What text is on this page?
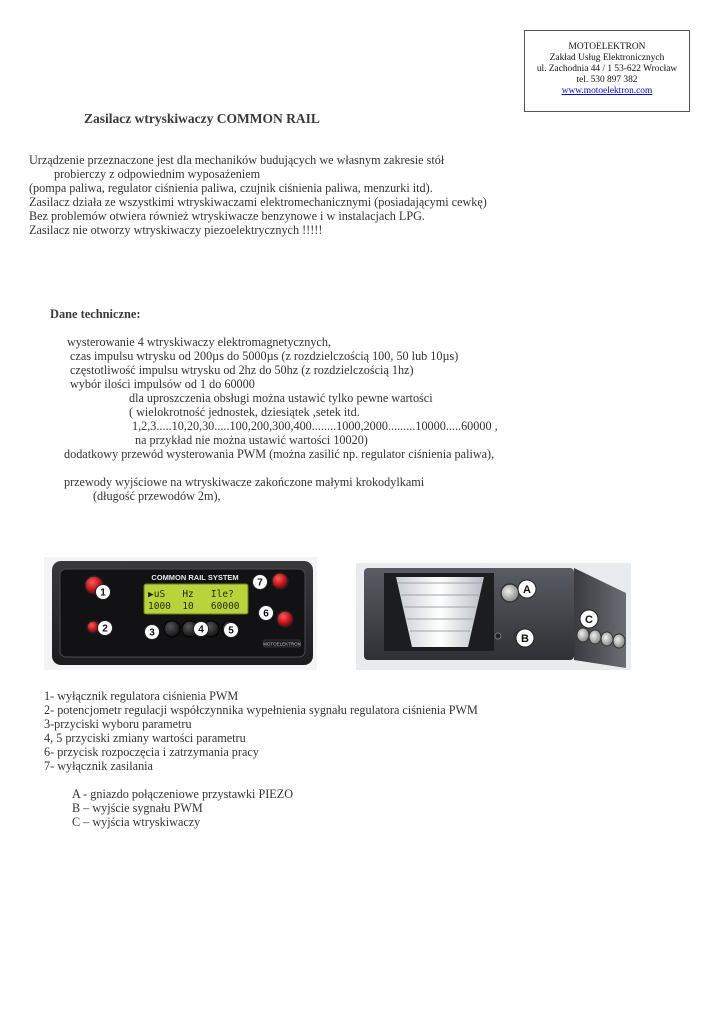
MOTOELEKTRON
Zakład Usług Elektronicznych
ul. Zachodnia 44 / 1 53-622 Wrocław
tel. 530 897 382
www.motoelektron.com
Zasilacz wtryskiwaczy COMMON RAIL
Urządzenie przeznaczone jest dla mechaników budujących we własnym zakresie stół
probierczy z odpowiednim wyposażeniem
(pompa paliwa, regulator ciśnienia paliwa, czujnik ciśnienia paliwa, menzurki itd).
Zasilacz działa ze wszystkimi wtryskiwaczami elektromechanicznymi (posiadającymi cewkę)
Bez problemów otwiera również wtryskiwacze benzynowe i w instalacjach LPG.
Zasilacz nie otworzy wtryskiwaczy piezoelektrycznych !!!!!
Dane techniczne:
wysterowanie 4 wtryskiwaczy elektromagnetycznych,
czas impulsu wtrysku od 200µs do 5000µs (z rozdzielczością 100, 50 lub 10µs)
częstotliwość impulsu wtrysku od 2hz do 50hz (z rozdzielczością 1hz)
wybór ilości impulsów od 1 do 60000
dla uproszczenia obsługi można ustawić tylko pewne wartości
( wielokrotność jednostek, dziesiątek ,setek itd.
1,2,3.....10,20,30.....100,200,300,400........1000,2000.........10000.....60000 ,
na przykład nie można ustawić wartości 10020)
dodatkowy przewód wysterowania PWM (można zasilić np. regulator ciśnienia paliwa),
przewody wyjściowe na wtryskiwacze zakończone małymi krokodylkami
(długość przewodów 2m),
COMMON RAIL SYSTEM
▶uS   Hz   Ile?
1000  10   60000
MOTOELEKTRON
1
2	3	4 5
6
7
A
B
C
1- wyłącznik regulatora ciśnienia PWM
2- potencjometr regulacji współczynnika wypełnienia sygnału regulatora ciśnienia PWM
3-przyciski wyboru parametru
4, 5 przyciski zmiany wartości parametru
6- przycisk rozpoczęcia i zatrzymania pracy
7- wyłącznik zasilania
A - gniazdo połączeniowe przystawki PIEZO
B – wyjście sygnału PWM
C – wyjścia wtryskiwaczy
